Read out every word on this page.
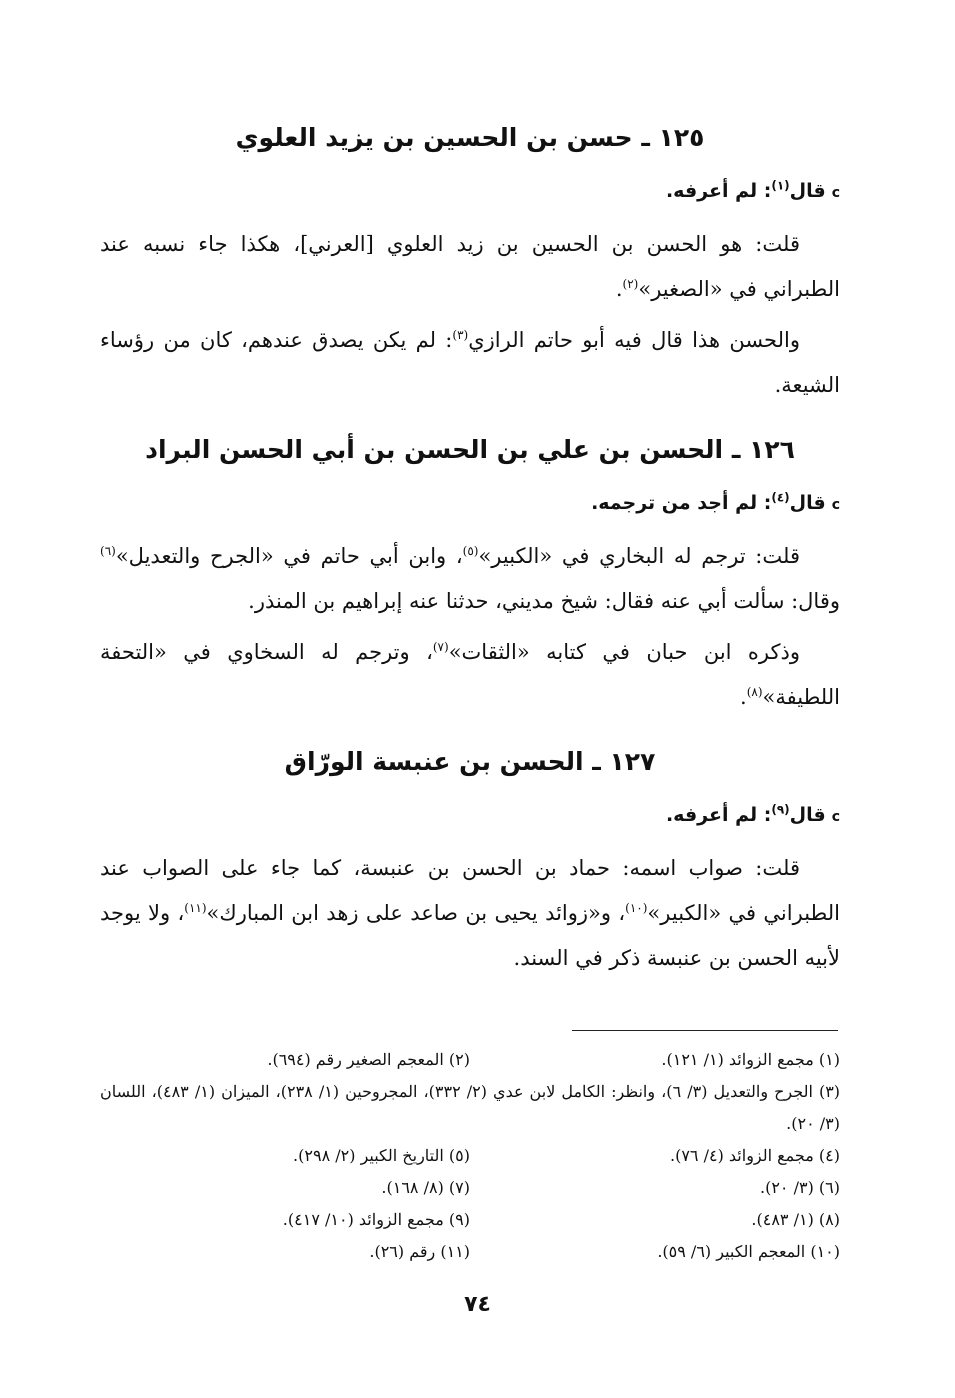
١٢٥ ـ حسن بن الحسين بن يزيد العلوي
cقال$^{(١)}$: لم أعرفه.

قلت: هو الحسن بن الحسين بن زيد العلوي [العرني]، هكذا جاء نسبه عند الطبراني في «الصغير»$^{(٢)}$.

والحسن هذا قال فيه أبو حاتم الرازي$^{(٣)}$: لم يكن يصدق عندهم، كان من رؤساء الشيعة.

١٢٦ ـ الحسن بن علي بن الحسن بن أبي الحسن البراد
cقال$^{(٤)}$: لم أجد من ترجمه.

قلت: ترجم له البخاري في «الكبير»$^{(٥)}$، وابن أبي حاتم في «الجرح والتعديل»$^{(٦)}$ وقال: سألت أبي عنه فقال: شيخ مديني، حدثنا عنه إبراهيم بن المنذر.

وذكره ابن حبان في كتابه «الثقات»$^{(٧)}$، وترجم له السخاوي في «التحفة اللطيفة»$^{(٨)}$.

١٢٧ ـ الحسن بن عنبسة الورّاق
cقال$^{(٩)}$: لم أعرفه.

قلت: صواب اسمه: حماد بن الحسن بن عنبسة، كما جاء على الصواب عند الطبراني في «الكبير»$^{(١٠)}$، و«زوائد يحيى بن صاعد على زهد ابن المبارك»$^{(١١)}$، ولا يوجد لأبيه الحسن بن عنبسة ذكر في السند.

(١) مجمع الزوائد (١/ ١٢١).
(٢) المعجم الصغير رقم (٦٩٤).
(٣) الجرح والتعديل (٣/ ٦)، وانظر: الكامل لابن عدي (٢/ ٣٣٢)، المجروحين (١/ ٢٣٨)، الميزان (١/ ٤٨٣)، اللسان (٣/ ٢٠).
(٤) مجمع الزوائد (٤/ ٧٦).
(٥) التاريخ الكبير (٢/ ٢٩٨).
(٦) (٣/ ٢٠).
(٧) (٨/ ١٦٨).
(٨) (١/ ٤٨٣).
(٩) مجمع الزوائد (١٠/ ٤١٧).
(١٠) المعجم الكبير (٦/ ٥٩).
(١١) رقم (٢٦).
٧٤
